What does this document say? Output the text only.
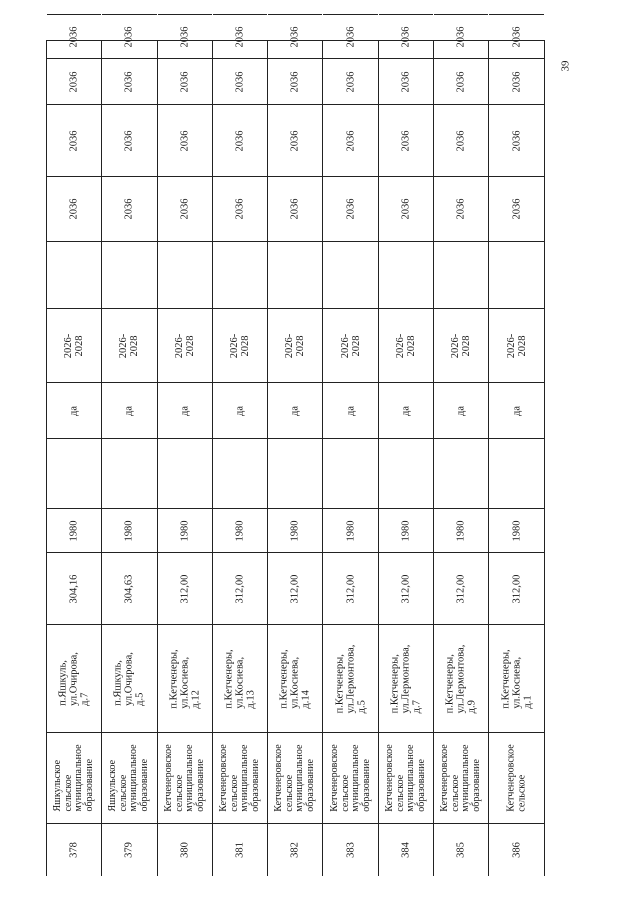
378
Яшкульское
сельское
муниципальное
образование
п.Яшкуль,
ул.Очирова, д.7
304,16
1980
да
2026-2028
2036
2036
2036
2036
379
Яшкульское
сельское
муниципальное
образование
п.Яшкуль,
ул.Очирова, д.5
304,63
1980
да
2026-2028
2036
2036
2036
2036
380
Кетченеровское
сельское
муниципальное
образование
п.Кетченеры,
ул.Косиева, д.12
312,00
1980
да
2026-2028
2036
2036
2036
2036
381
Кетченеровское
сельское
муниципальное
образование
п.Кетченеры,
ул.Косиева, д.13
312,00
1980
да
2026-2028
2036
2036
2036
2036
382
Кетченеровское
сельское
муниципальное
образование
п.Кетченеры,
ул.Косиева, д.14
312,00
1980
да
2026-2028
2036
2036
2036
2036
383
Кетченеровское
сельское
муниципальное
образование
п.Кетченеры,
ул.Лермонтова,
д.5
312,00
1980
да
2026-2028
2036
2036
2036
2036
384
Кетченеровское
сельское
муниципальное
образование
п.Кетченеры,
ул.Лермонтова,
д.7
312,00
1980
да
2026-2028
2036
2036
2036
2036
385
Кетченеровское
сельское
муниципальное
образование
п.Кетченеры,
ул.Лермонтова,
д.9
312,00
1980
да
2026-2028
2036
2036
2036
2036
386
Кетченеровское
сельское
п.Кетченеры,
ул.Косиева, д.1
312,00
1980
да
2026-2028
2036
2036
2036
2036
39
